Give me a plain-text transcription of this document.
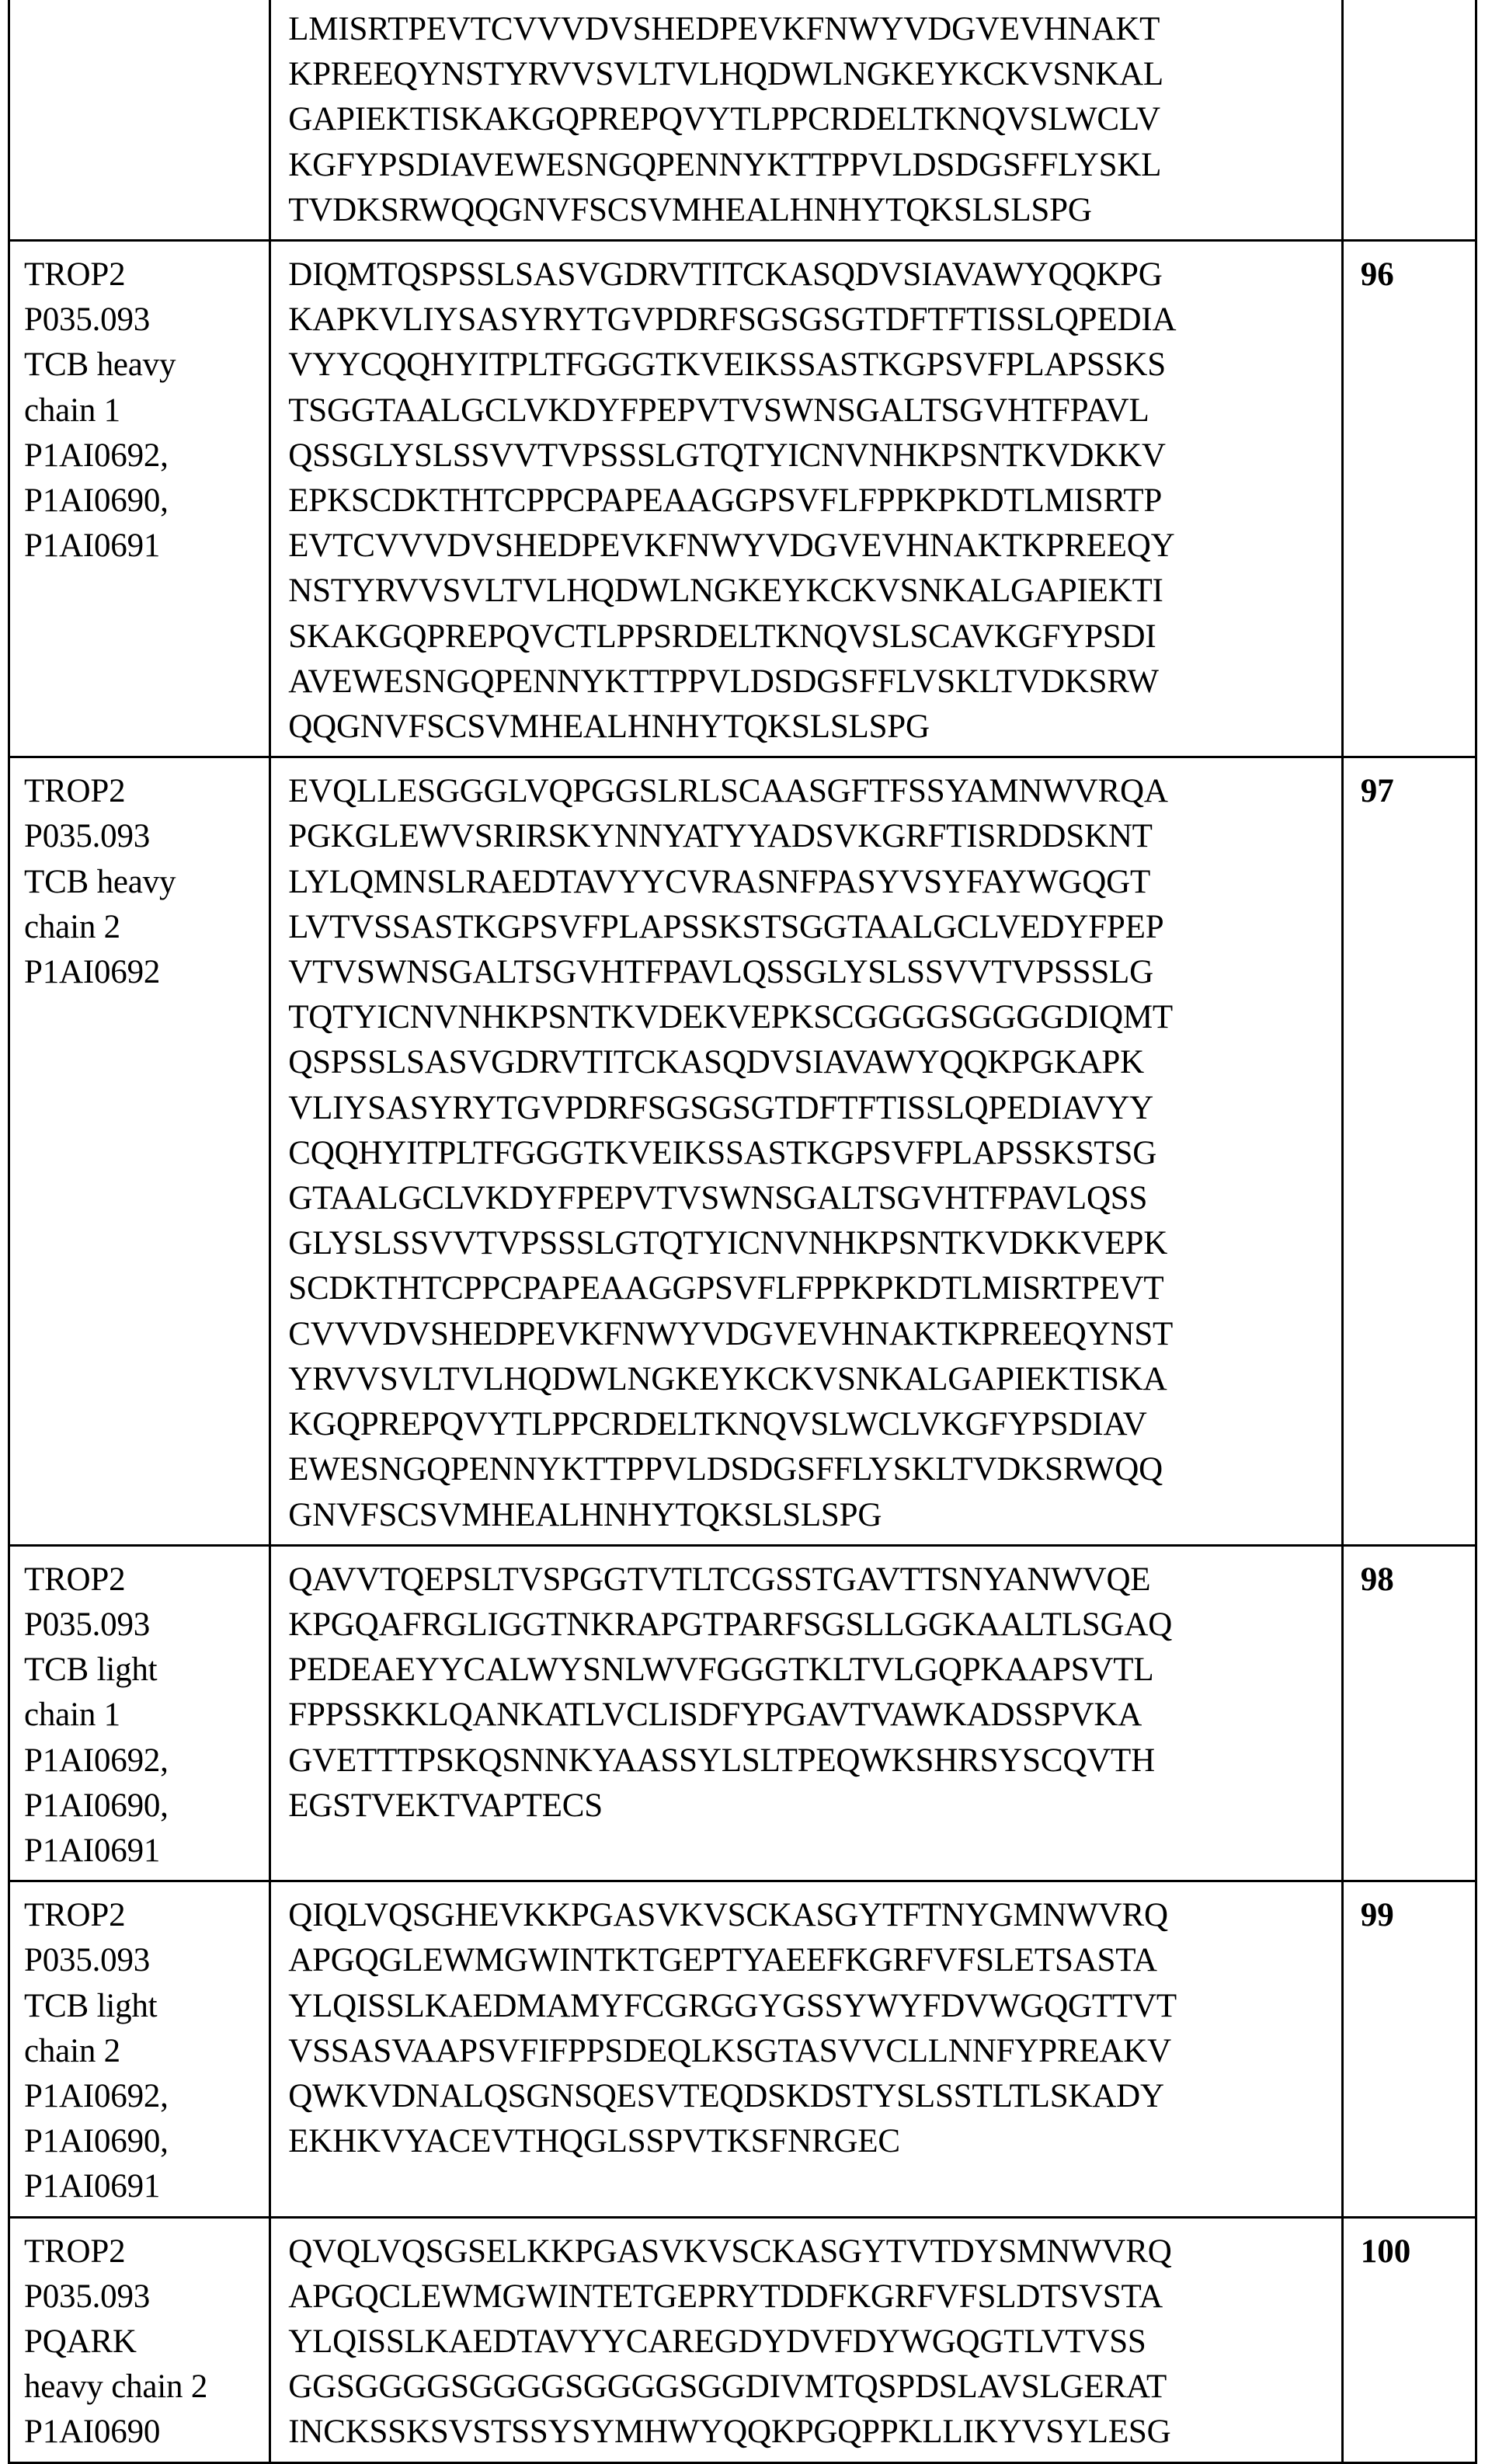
	LMISRTPEVTCVVVDVSHEDPEVKFNWYVDGVEVHNAKT
KPREEQYNSTYRVVSVLTVLHQDWLNGKEYKCKVSNKAL
GAPIEKTISKAKGQPREPQVYTLPPCRDELTKNQVSLWCLV
KGFYPSDIAVEWESNGQPENNYKTTPPVLDSDGSFFLYSKL
TVDKSRWQQGNVFSCSVMHEALHNHYTQKSLSLSPG	

TROP2
P035.093
TCB heavy
chain 1
P1AI0692,
P1AI0690,
P1AI0691

DIQMTQSPSSLSASVGDRVTITCKASQDVSIAVAWYQQKPG
KAPKVLIYSASYRYTGVPDRFSGSGSGTDFTFTISSLQPEDIA
VYYCQQHYITPLTFGGGTKVEIKSSASTKGPSVFPLAPSSKS
TSGGTAALGCLVKDYFPEPVTVSWNSGALTSGVHTFPAVL
QSSGLYSLSSVVTVPSSSLGTQTYICNVNHKPSNTKVDKKV
EPKSCDKTHTCPPCPAPEAAGGPSVFLFPPKPKDTLMISRTP
EVTCVVVDVSHEDPEVKFNWYVDGVEVHNAKTKPREEQY
NSTYRVVSVLTVLHQDWLNGKEYKCKVSNKALGAPIEKTI
SKAKGQPREPQVCTLPPSRDELTKNQVSLSCAVKGFYPSDI
AVEWESNGQPENNYKTTPPVLDSDGSFFLVSKLTVDKSRW
QQGNVFSCSVMHEALHNHYTQKSLSLSPG
	96

TROP2
P035.093
TCB heavy
chain 2
P1AI0692

EVQLLESGGGLVQPGGSLRLSCAASGFTFSSYAMNWVRQA
PGKGLEWVSRIRSKYNNYATYYADSVKGRFTISRDDSKNT
LYLQMNSLRAEDTAVYYCVRASNFPASYVSYFAYWGQGT
LVTVSSASTKGPSVFPLAPSSKSTSGGTAALGCLVEDYFPEP
VTVSWNSGALTSGVHTFPAVLQSSGLYSLSSVVTVPSSSLG
TQTYICNVNHKPSNTKVDEKVEPKSCGGGGSGGGGDIQMT
QSPSSLSASVGDRVTITCKASQDVSIAVAWYQQKPGKAPK
VLIYSASYRYTGVPDRFSGSGSGTDFTFTISSLQPEDIAVYY
CQQHYITPLTFGGGTKVEIKSSASTKGPSVFPLAPSSKSTSG
GTAALGCLVKDYFPEPVTVSWNSGALTSGVHTFPAVLQSS
GLYSLSSVVTVPSSSLGTQTYICNVNHKPSNTKVDKKVEPK
SCDKTHTCPPCPAPEAAGGPSVFLFPPKPKDTLMISRTPEVT
CVVVDVSHEDPEVKFNWYVDGVEVHNAKTKPREEQYNST
YRVVSVLTVLHQDWLNGKEYKCKVSNKALGAPIEKTISKA
KGQPREPQVYTLPPCRDELTKNQVSLWCLVKGFYPSDIAV
EWESNGQPENNYKTTPPVLDSDGSFFLYSKLTVDKSRWQQ
GNVFSCSVMHEALHNHYTQKSLSLSPG
	97

TROP2
P035.093
TCB light
chain 1
P1AI0692,
P1AI0690,
P1AI0691

QAVVTQEPSLTVSPGGTVTLTCGSSTGAVTTSNYANWVQE
KPGQAFRGLIGGTNKRAPGTPARFSGSLLGGKAALTLSGAQ
PEDEAEYYCALWYSNLWVFGGGTKLTVLGQPKAAPSVTL
FPPSSKKLQANKATLVCLISDFYPGAVTVAWKADSSPVKA
GVETTTPSKQSNNKYAASSYLSLTPEQWKSHRSYSCQVTH
EGSTVEKTVAPTECS
	98

TROP2
P035.093
TCB light
chain 2
P1AI0692,
P1AI0690,
P1AI0691

QIQLVQSGHEVKKPGASVKVSCKASGYTFTNYGMNWVRQ
APGQGLEWMGWINTKTGEPTYAEEFKGRFVFSLETSASTA
YLQISSLKAEDMAMYFCGRGGYGSSYWYFDVWGQGTTVT
VSSASVAAPSVFIFPPSDEQLKSGTASVVCLLNNFYPREAKV
QWKVDNALQSGNSQESVTEQDSKDSTYSLSSTLTLSKADY
EKHKVYACEVTHQGLSSPVTKSFNRGEC
	99

TROP2
P035.093
PQARK
heavy chain 2
P1AI0690

QVQLVQSGSELKKPGASVKVSCKASGYTVTDYSMNWVRQ
APGQCLEWMGWINTETGEPRYTDDFKGRFVFSLDTSVSTA
YLQISSLKAEDTAVYYCAREGDYDVFDYWGQGTLVTVSS
GGSGGGGSGGGGSGGGGSGGDIVMTQSPDSLAVSLGERAT
INCKSSKSVSTSSYSYMHWYQQKPGQPPKLLIKYVSYLESG
	100
